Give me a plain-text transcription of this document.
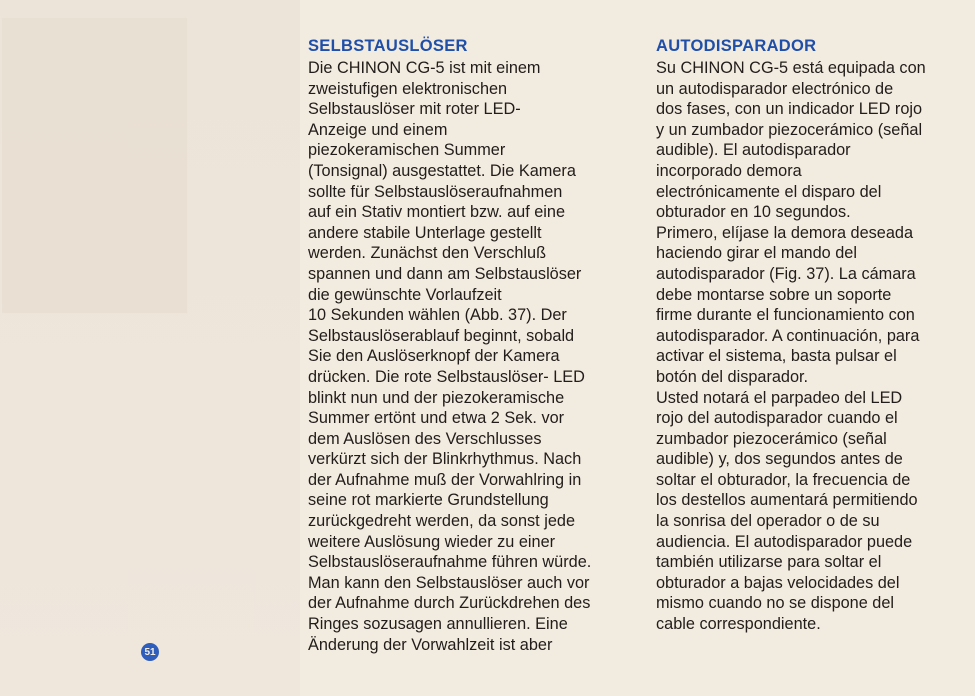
51
SELBSTAUSLÖSER
Die CHINON CG-5 ist mit einem
zweistufigen elektronischen
Selbstauslöser mit roter LED-
Anzeige und einem
piezokeramischen Summer
(Tonsignal) ausgestattet. Die Kamera
sollte für Selbstauslöseraufnahmen
auf ein Stativ montiert bzw. auf eine
andere stabile Unterlage gestellt
werden. Zunächst den Verschluß
spannen und dann am Selbstauslöser
die gewünschte Vorlaufzeit
10 Sekunden wählen (Abb. 37). Der
Selbstauslöserablauf beginnt, sobald
Sie den Auslöserknopf der Kamera
drücken. Die rote Selbstauslöser- LED
blinkt nun und der piezokeramische
Summer ertönt und etwa 2 Sek. vor
dem Auslösen des Verschlusses
verkürzt sich der Blinkrhythmus. Nach
der Aufnahme muß der Vorwahlring in
seine rot markierte Grundstellung
zurückgedreht werden, da sonst jede
weitere Auslösung wieder zu einer
Selbstauslöseraufnahme führen würde.
Man kann den Selbstauslöser auch vor
der Aufnahme durch Zurückdrehen des
Ringes sozusagen annullieren. Eine
Änderung der Vorwahlzeit ist aber
AUTODISPARADOR
Su CHINON CG-5 está equipada con
un autodisparador electrónico de
dos fases, con un indicador LED rojo
y un zumbador piezocerámico (señal
audible). El autodisparador
incorporado demora
electrónicamente el disparo del
obturador en 10 segundos.
Primero, elíjase la demora deseada
haciendo girar el mando del
autodisparador (Fig. 37). La cámara
debe montarse sobre un soporte
firme durante el funcionamiento con
autodisparador. A continuación, para
activar el sistema, basta pulsar el
botón del disparador.
Usted notará el parpadeo del LED
rojo del autodisparador cuando el
zumbador piezocerámico (señal
audible) y, dos segundos antes de
soltar el obturador, la frecuencia de
los destellos aumentará permitiendo
la sonrisa del operador o de su
audiencia. El autodisparador puede
también utilizarse para soltar el
obturador a bajas velocidades del
mismo cuando no se dispone del
cable correspondiente.
